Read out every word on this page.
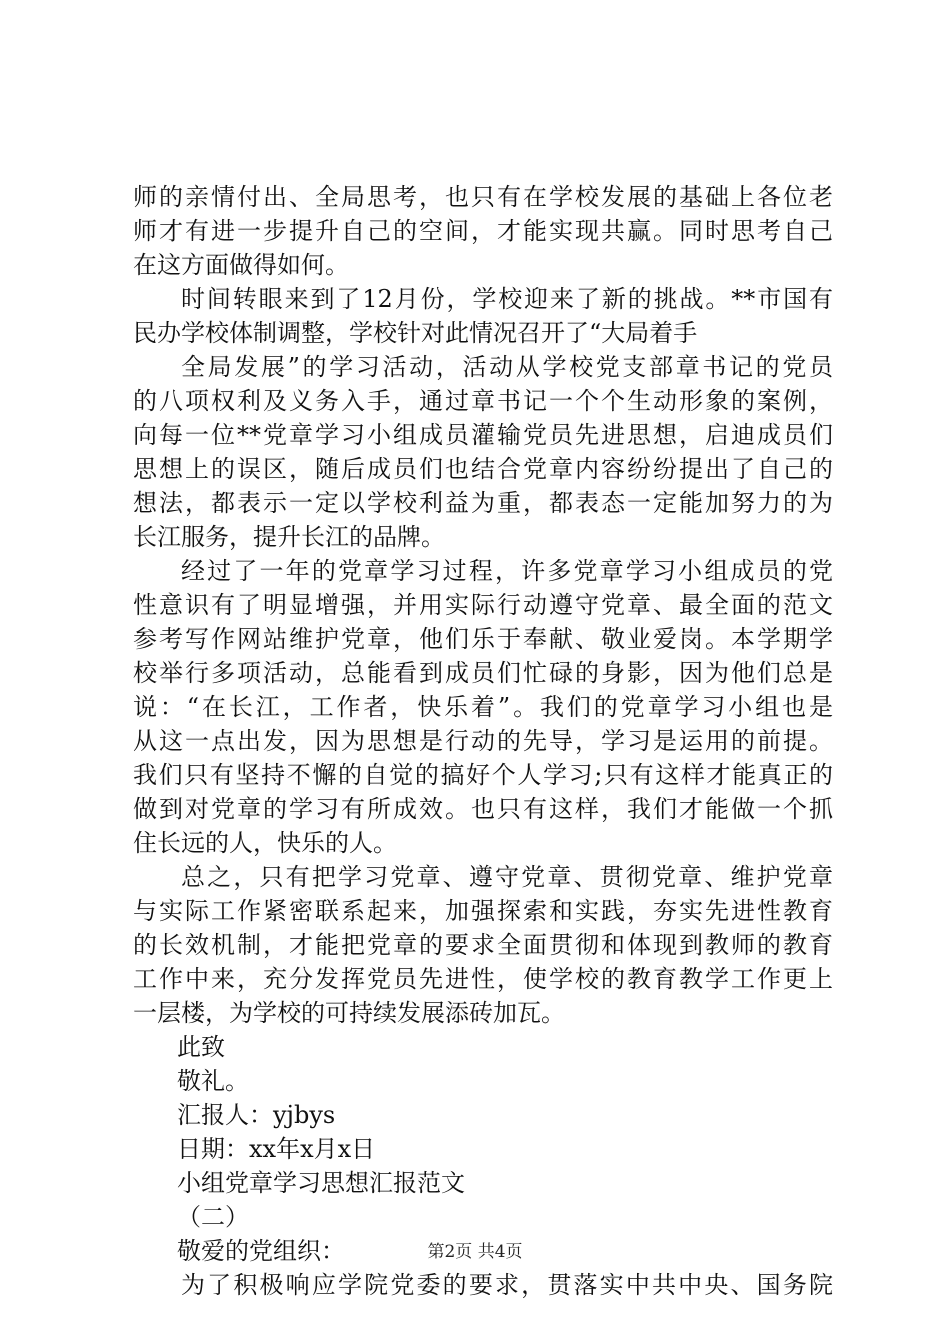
师的亲情付出、全局思考，也只有在学校发展的基础上各位老
师才有进一步提升自己的空间，才能实现共赢。同时思考自己
在这方面做得如何。
时间转眼来到了12月份，学校迎来了新的挑战。**市国有
民办学校体制调整，学校针对此情况召开了“大局着手
全局发展”的学习活动，活动从学校党支部章书记的党员
的八项权利及义务入手，通过章书记一个个生动形象的案例，
向每一位**党章学习小组成员灌输党员先进思想，启迪成员们
思想上的误区，随后成员们也结合党章内容纷纷提出了自己的
想法，都表示一定以学校利益为重，都表态一定能加努力的为
长江服务，提升长江的品牌。
经过了一年的党章学习过程，许多党章学习小组成员的党
性意识有了明显增强，并用实际行动遵守党章、最全面的范文
参考写作网站维护党章，他们乐于奉献、敬业爱岗。本学期学
校举行多项活动，总能看到成员们忙碌的身影，因为他们总是
说：“在长江，工作者，快乐着”。我们的党章学习小组也是
从这一点出发，因为思想是行动的先导，学习是运用的前提。
我们只有坚持不懈的自觉的搞好个人学习;只有这样才能真正的
做到对党章的学习有所成效。也只有这样，我们才能做一个抓
住长远的人，快乐的人。
总之，只有把学习党章、遵守党章、贯彻党章、维护党章
与实际工作紧密联系起来，加强探索和实践，夯实先进性教育
的长效机制，才能把党章的要求全面贯彻和体现到教师的教育
工作中来，充分发挥党员先进性，使学校的教育教学工作更上
一层楼，为学校的可持续发展添砖加瓦。
此致
敬礼。
汇报人：yjbys
日期：xx年x月x日
小组党章学习思想汇报范文
（二）
敬爱的党组织：
为了积极响应学院党委的要求，贯落实中共中央、国务院
第2页 共4页
